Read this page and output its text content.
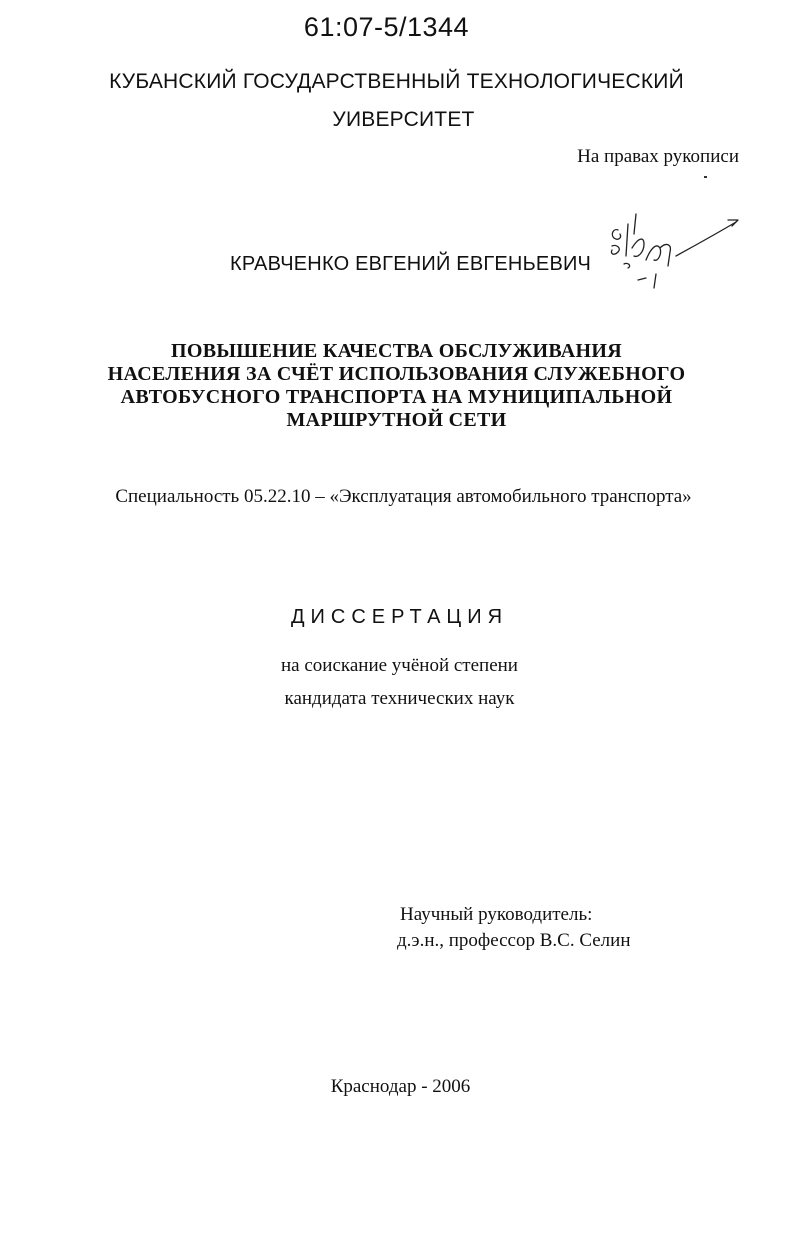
61:07-5/1344
КУБАНСКИЙ ГОСУДАРСТВЕННЫЙ ТЕХНОЛОГИЧЕСКИЙ
УИВЕРСИТЕТ
На правах рукописи
КРАВЧЕНКО ЕВГЕНИЙ ЕВГЕНЬЕВИЧ
ПОВЫШЕНИЕ КАЧЕСТВА ОБСЛУЖИВАНИЯ
НАСЕЛЕНИЯ ЗА СЧЁТ ИСПОЛЬЗОВАНИЯ СЛУЖЕБНОГО
АВТОБУСНОГО ТРАНСПОРТА НА МУНИЦИПАЛЬНОЙ
МАРШРУТНОЙ СЕТИ
Специальность 05.22.10 – «Эксплуатация автомобильного транспорта»
ДИССЕРТАЦИЯ
на соискание учёной степени
кандидата технических наук
Научный руководитель:
д.э.н., профессор В.С. Селин
Краснодар - 2006
